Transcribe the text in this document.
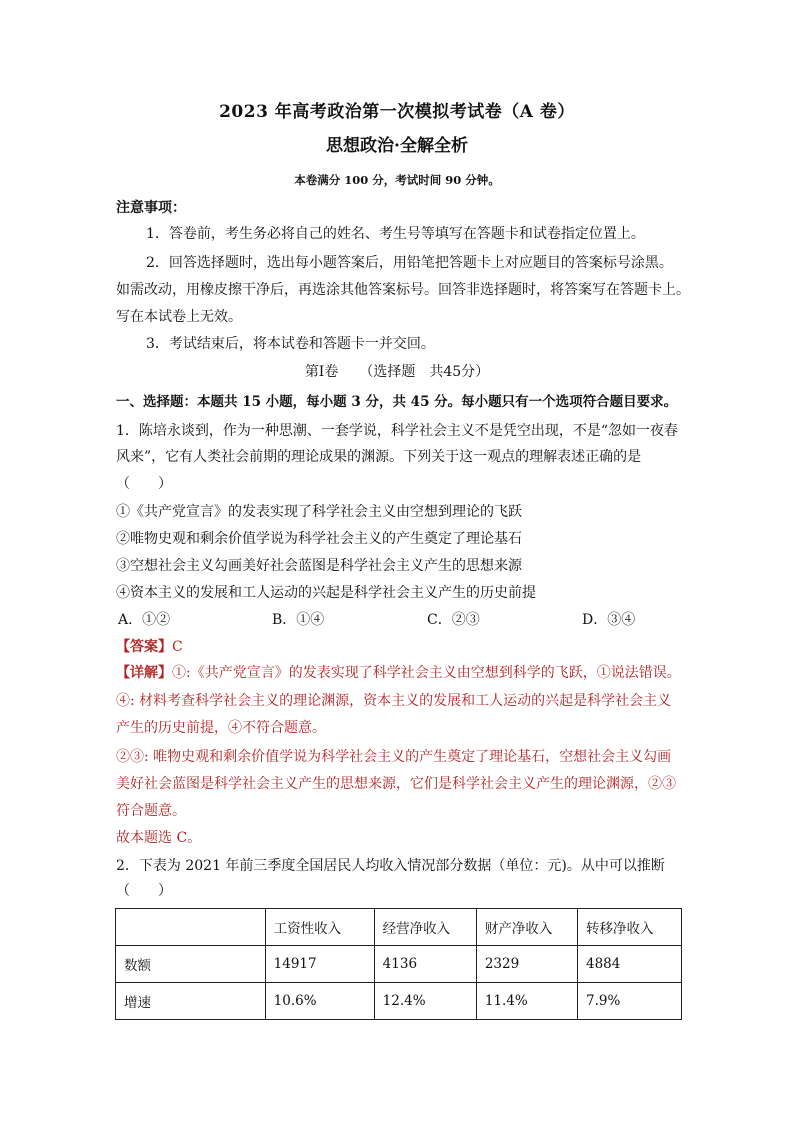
2023 年高考政治第一次模拟考试卷（A 卷）
思想政治·全解全析
本卷满分 100 分，考试时间 90 分钟。
注意事项：
1．答卷前，考生务必将自己的姓名、考生号等填写在答题卡和试卷指定位置上。
2．回答选择题时，选出每小题答案后，用铅笔把答题卡上对应题目的答案标号涂黑。
如需改动，用橡皮擦干净后，再选涂其他答案标号。回答非选择题时，将答案写在答题卡上。
写在本试卷上无效。
3．考试结束后，将本试卷和答题卡一并交回。
第Ⅰ卷　　（选择题　共45分）
一、选择题：本题共 15 小题，每小题 3 分，共 45 分。每小题只有一个选项符合题目要求。
1．陈培永谈到，作为一种思潮、一套学说，科学社会主义不是凭空出现，不是“忽如一夜春
风来”，它有人类社会前期的理论成果的渊源。下列关于这一观点的理解表述正确的是
（　　）
①《共产党宣言》的发表实现了科学社会主义由空想到理论的飞跃
②唯物史观和剩余价值学说为科学社会主义的产生奠定了理论基石
③空想社会主义勾画美好社会蓝图是科学社会主义产生的思想来源
④资本主义的发展和工人运动的兴起是科学社会主义产生的历史前提
A．①②	B．①④	C．②③	D．③④
【答案】C
【详解】①:《共产党宣言》的发表实现了科学社会主义由空想到科学的飞跃，①说法错误。
④: 材料考查科学社会主义的理论渊源，资本主义的发展和工人运动的兴起是科学社会主义
产生的历史前提，④不符合题意。
②③: 唯物史观和剩余价值学说为科学社会主义的产生奠定了理论基石，空想社会主义勾画
美好社会蓝图是科学社会主义产生的思想来源，它们是科学社会主义产生的理论渊源，②③
符合题意。
故本题选 C。
2．下表为 2021 年前三季度全国居民人均收入情况部分数据（单位：元)。从中可以推断
（　　）
	工资性收入	经营净收入	财产净收入	转移净收入
数额	14917	4136	2329	4884
增速	10.6%	12.4%	11.4%	7.9%
